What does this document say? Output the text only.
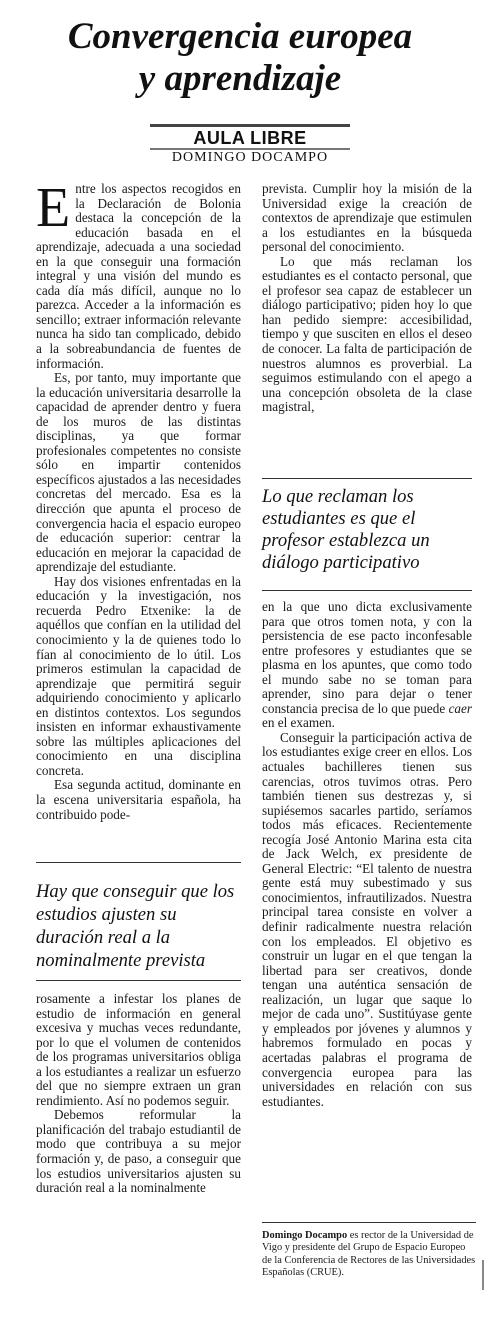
Convergencia europea
y aprendizaje
AULA LIBRE
DOMINGO DOCAMPO

Entre los aspectos recogidos en la Declaración de Bolonia destaca la concepción de la educación basada en el aprendizaje, adecuada a una sociedad en la que conseguir una formación integral y una visión del mundo es cada día más difícil, aunque no lo parezca. Acceder a la información es sencillo; extraer información relevante nunca ha sido tan complicado, debido a la sobreabundancia de fuentes de información.

Es, por tanto, muy importante que la educación universitaria desarrolle la capacidad de aprender dentro y fuera de los muros de las distintas disciplinas, ya que formar profesionales competentes no consiste sólo en impartir contenidos específicos ajustados a las necesidades concretas del mercado. Esa es la dirección que apunta el proceso de convergencia hacia el espacio europeo de educación superior: centrar la educación en mejorar la capacidad de aprendizaje del estudiante.

Hay dos visiones enfrentadas en la educación y la investigación, nos recuerda Pedro Etxenike: la de aquéllos que confían en la utilidad del conocimiento y la de quienes todo lo fían al conocimiento de lo útil. Los primeros estimulan la capacidad de aprendizaje que permitirá seguir adquiriendo conocimiento y aplicarlo en distintos contextos. Los segundos insisten en informar exhaustivamente sobre las múltiples aplicaciones del conocimiento en una disciplina concreta.

Esa segunda actitud, dominante en la escena universitaria española, ha contribuido pode-

Hay que conseguir que los estudios ajusten su duración real a la nominalmente prevista

rosamente a infestar los planes de estudio de información en general excesiva y muchas veces redundante, por lo que el volumen de contenidos de los programas universitarios obliga a los estudiantes a realizar un esfuerzo del que no siempre extraen un gran rendimiento. Así no podemos seguir.

Debemos reformular la planificación del trabajo estudiantil de modo que contribuya a su mejor formación y, de paso, a conseguir que los estudios universitarios ajusten su duración real a la nominalmente

prevista. Cumplir hoy la misión de la Universidad exige la creación de contextos de aprendizaje que estimulen a los estudiantes en la búsqueda personal del conocimiento.

Lo que más reclaman los estudiantes es el contacto personal, que el profesor sea capaz de establecer un diálogo participativo; piden hoy lo que han pedido siempre: accesibilidad, tiempo y que susciten en ellos el deseo de conocer. La falta de participación de nuestros alumnos es proverbial. La seguimos estimulando con el apego a una concepción obsoleta de la clase magistral,

Lo que reclaman los estudiantes es que el profesor establezca un diálogo participativo

en la que uno dicta exclusivamente para que otros tomen nota, y con la persistencia de ese pacto inconfesable entre profesores y estudiantes que se plasma en los apuntes, que como todo el mundo sabe no se toman para aprender, sino para dejar o tener constancia precisa de lo que puede caer en el examen.

Conseguir la participación activa de los estudiantes exige creer en ellos. Los actuales bachilleres tienen sus carencias, otros tuvimos otras. Pero también tienen sus destrezas y, si supiésemos sacarles partido, seríamos todos más eficaces. Recientemente recogía José Antonio Marina esta cita de Jack Welch, ex presidente de General Electric: “El talento de nuestra gente está muy subestimado y sus conocimientos, infrautilizados. Nuestra principal tarea consiste en volver a definir radicalmente nuestra relación con los empleados. El objetivo es construir un lugar en el que tengan la libertad para ser creativos, donde tengan una auténtica sensación de realización, un lugar que saque lo mejor de cada uno”. Sustitúyase gente y empleados por jóvenes y alumnos y habremos formulado en pocas y acertadas palabras el programa de convergencia europea para las universidades en relación con sus estudiantes.

Domingo Docampo es rector de la Universidad de Vigo y presidente del Grupo de Espacio Europeo de la Conferencia de Rectores de las Universidades Españolas (CRUE).
